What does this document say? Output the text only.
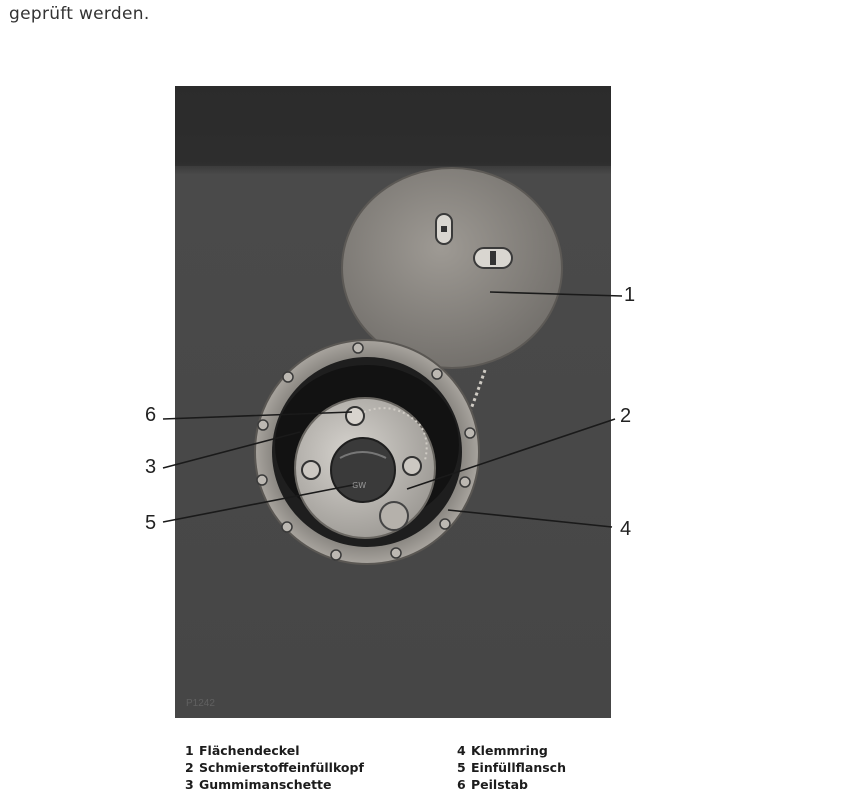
geprüft werden.
GW
P1242
1
2
3
4
5
6
1 Flächendeckel
2 Schmierstoffeinfüllkopf
3 Gummimanschette
4 Klemmring
5 Einfüllflansch
6 Peilstab
